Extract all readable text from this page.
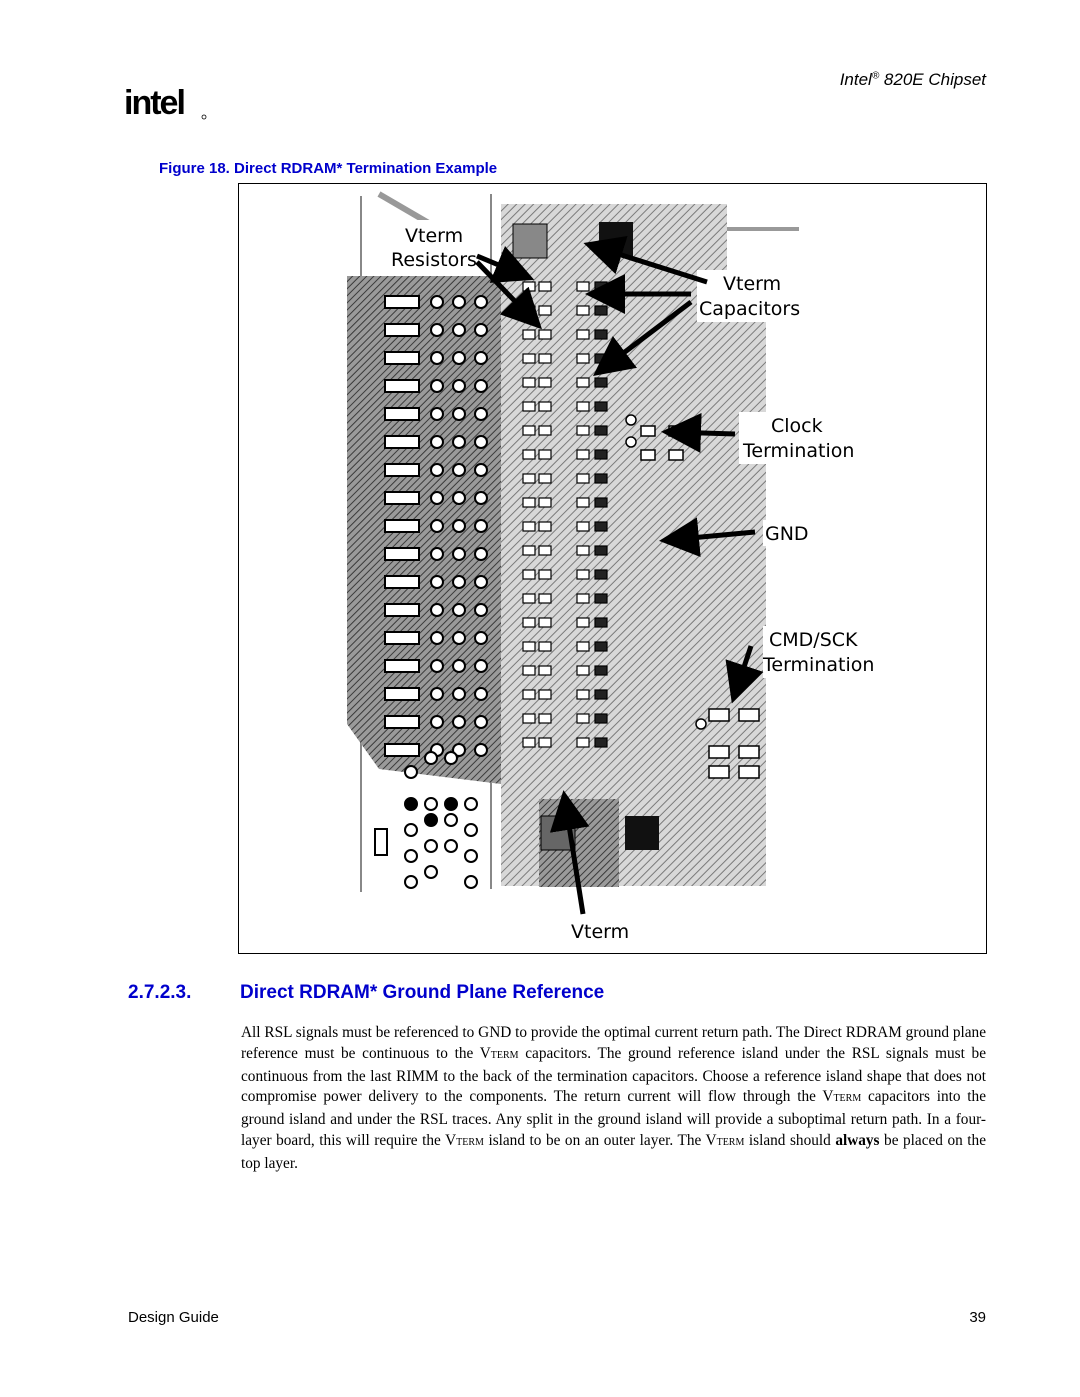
intel
Intel® 820E Chipset
Figure 18. Direct RDRAM* Termination Example
Vterm
Resistors
Vterm
Capacitors
Clock
Termination
GND
CMD/SCK
Termination
Vterm
2.7.2.3.	Direct RDRAM* Ground Plane Reference
All RSL signals must be referenced to GND to provide the optimal current return path. The Direct RDRAM ground plane reference must be continuous to the VTERM capacitors. The ground reference island under the RSL signals must be continuous from the last RIMM to the back of the termination capacitors. Choose a reference island shape that does not compromise power delivery to the components. The return current will flow through the VTERM capacitors into the ground island and under the RSL traces. Any split in the ground island will provide a suboptimal return path. In a four-layer board, this will require the VTERM island to be on an outer layer. The VTERM island should always be placed on the top layer.
Design Guide	39
